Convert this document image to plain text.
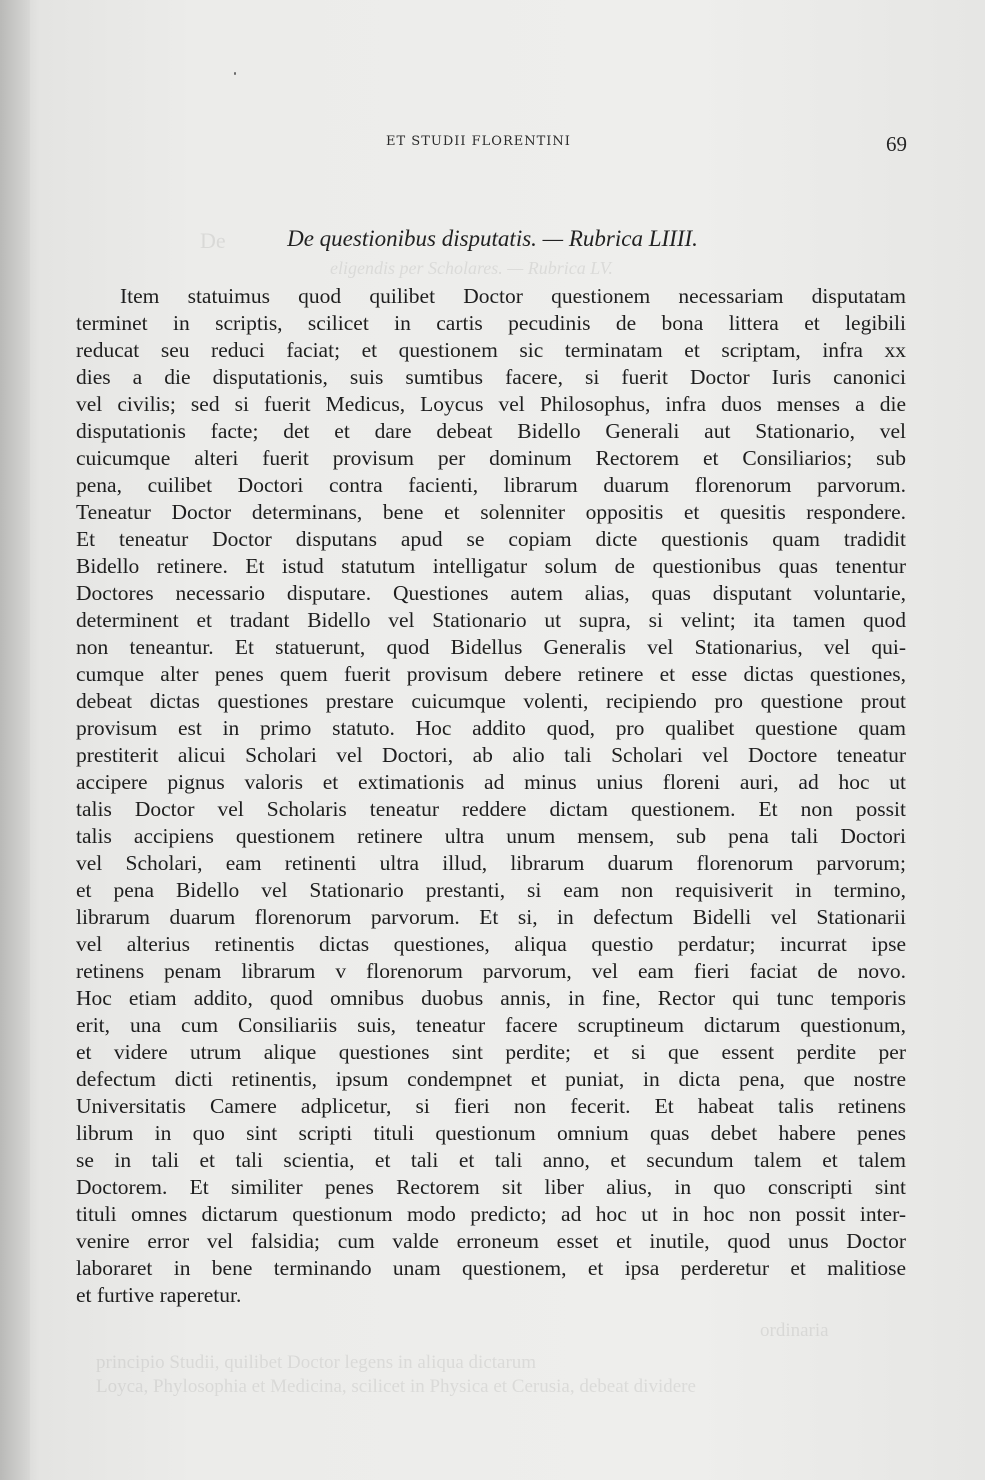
De
eligendis per Scholares. — Rubrica LV.
ordinaria
principio Studii, quilibet Doctor legens in aliqua dictarum
Loyca, Phylosophia et Medicina, scilicet in Physica et Cerusia, debeat dividere
ET STUDII FLORENTINI	69
De questionibus disputatis. — Rubrica LIIII.
Item statuimus quod quilibet Doctor questionem necessariam disputatam
terminet in scriptis, scilicet in cartis pecudinis de bona littera et legibili
reducat seu reduci faciat; et questionem sic terminatam et scriptam, infra xx
dies a die disputationis, suis sumtibus facere, si fuerit Doctor Iuris canonici
vel civilis; sed si fuerit Medicus, Loycus vel Philosophus, infra duos menses a die
disputationis facte; det et dare debeat Bidello Generali aut Stationario, vel
cuicumque alteri fuerit provisum per dominum Rectorem et Consiliarios; sub
pena, cuilibet Doctori contra facienti, librarum duarum florenorum parvorum.
Teneatur Doctor determinans, bene et solenniter oppositis et quesitis respondere.
Et teneatur Doctor disputans apud se copiam dicte questionis quam tradidit
Bidello retinere. Et istud statutum intelligatur solum de questionibus quas tenentur
Doctores necessario disputare. Questiones autem alias, quas disputant voluntarie,
determinent et tradant Bidello vel Stationario ut supra, si velint; ita tamen quod
non teneantur. Et statuerunt, quod Bidellus Generalis vel Stationarius, vel qui-
cumque alter penes quem fuerit provisum debere retinere et esse dictas questiones,
debeat dictas questiones prestare cuicumque volenti, recipiendo pro questione prout
provisum est in primo statuto. Hoc addito quod, pro qualibet questione quam
prestiterit alicui Scholari vel Doctori, ab alio tali Scholari vel Doctore teneatur
accipere pignus valoris et extimationis ad minus unius floreni auri, ad hoc ut
talis Doctor vel Scholaris teneatur reddere dictam questionem. Et non possit
talis accipiens questionem retinere ultra unum mensem, sub pena tali Doctori
vel Scholari, eam retinenti ultra illud, librarum duarum florenorum parvorum;
et pena Bidello vel Stationario prestanti, si eam non requisiverit in termino,
librarum duarum florenorum parvorum. Et si, in defectum Bidelli vel Stationarii
vel alterius retinentis dictas questiones, aliqua questio perdatur; incurrat ipse
retinens penam librarum v florenorum parvorum, vel eam fieri faciat de novo.
Hoc etiam addito, quod omnibus duobus annis, in fine, Rector qui tunc temporis
erit, una cum Consiliariis suis, teneatur facere scruptineum dictarum questionum,
et videre utrum alique questiones sint perdite; et si que essent perdite per
defectum dicti retinentis, ipsum condempnet et puniat, in dicta pena, que nostre
Universitatis Camere adplicetur, si fieri non fecerit. Et habeat talis retinens
librum in quo sint scripti tituli questionum omnium quas debet habere penes
se in tali et tali scientia, et tali et tali anno, et secundum talem et talem
Doctorem. Et similiter penes Rectorem sit liber alius, in quo conscripti sint
tituli omnes dictarum questionum modo predicto; ad hoc ut in hoc non possit inter-
venire error vel falsidia; cum valde erroneum esset et inutile, quod unus Doctor
laboraret in bene terminando unam questionem, et ipsa perderetur et malitiose
et furtive raperetur.
